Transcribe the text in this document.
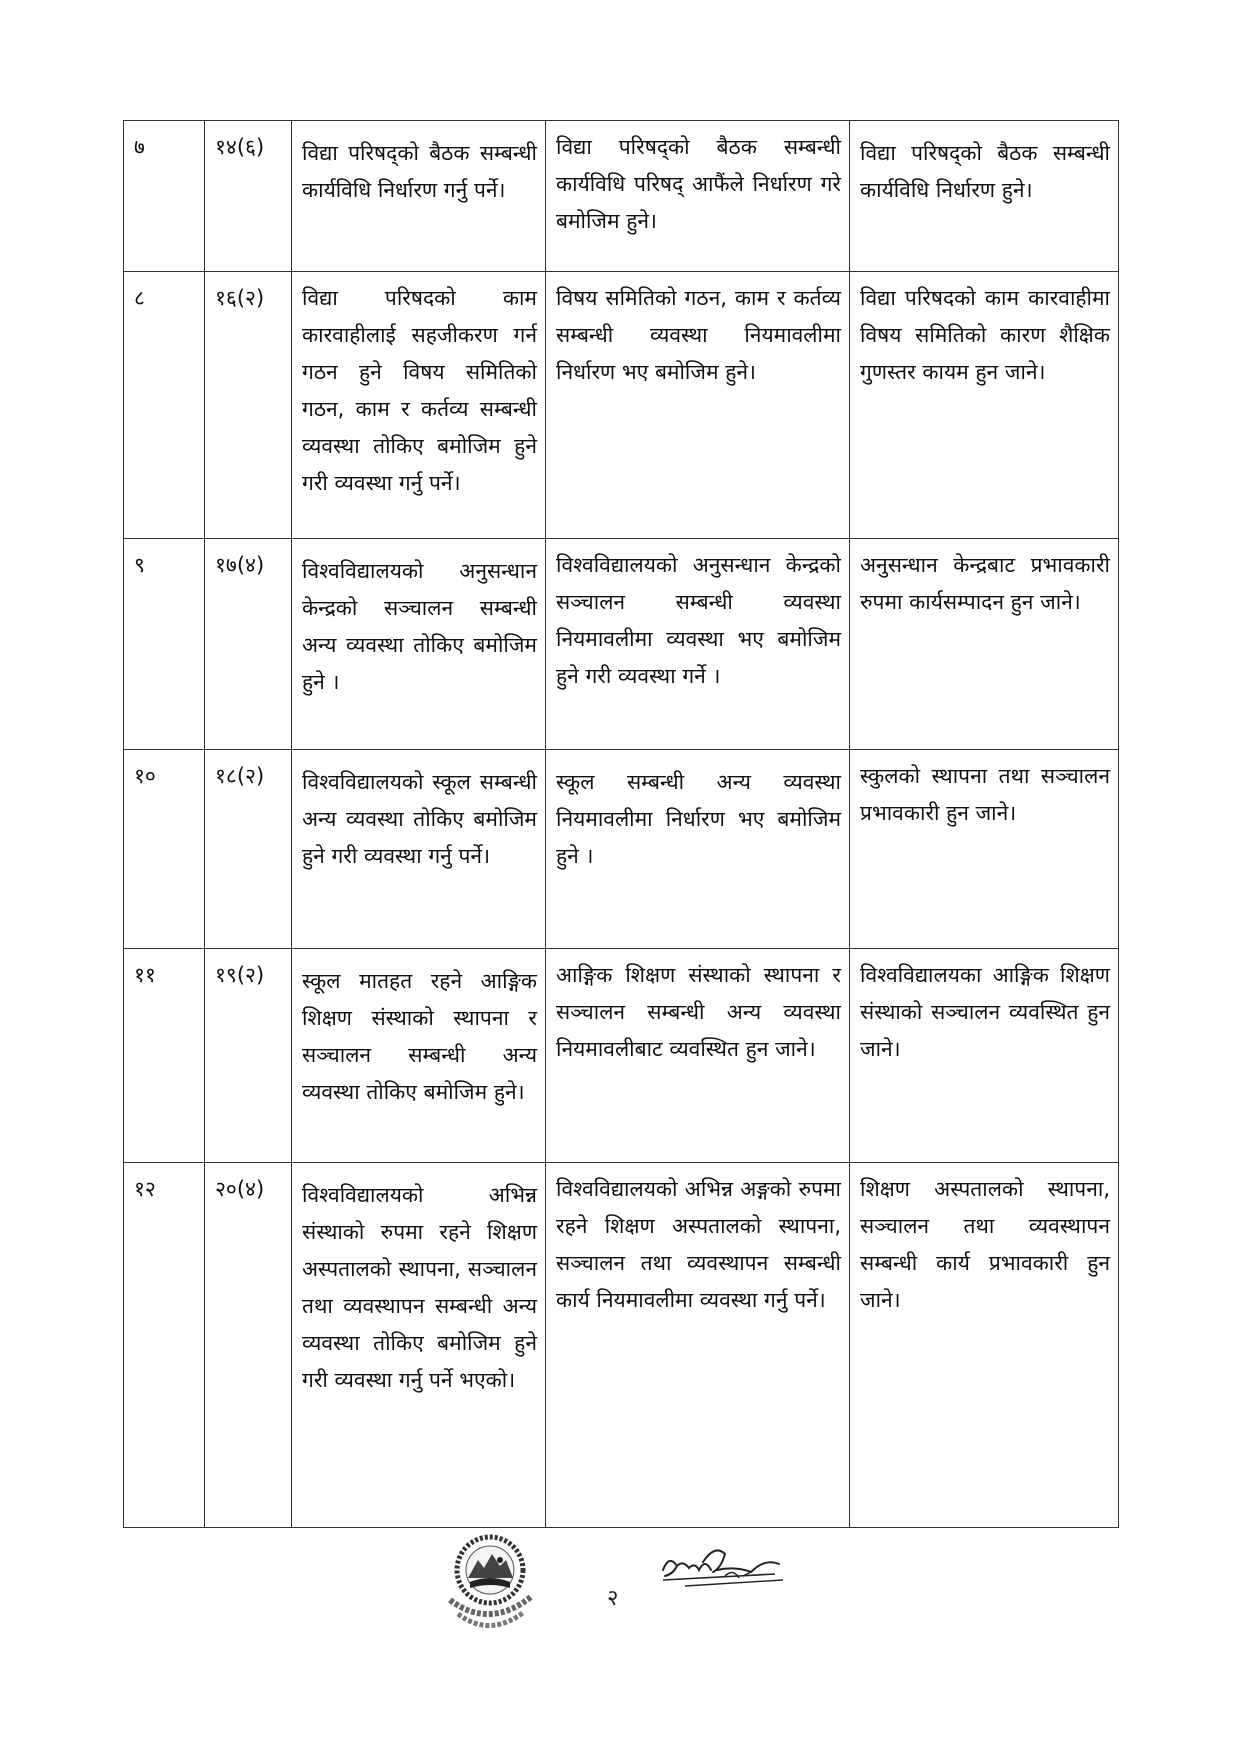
७	१४(६)	विद्या परिषद्को बैठक सम्बन्धी कार्यविधि निर्धारण गर्नु पर्ने।	विद्या परिषद्को बैठक सम्बन्धी कार्यविधि परिषद् आफैंले निर्धारण गरे बमोजिम हुने।	विद्या परिषद्को बैठक सम्बन्धी कार्यविधि निर्धारण हुने।

८	१६(२)	विद्या परिषदको काम कारवाहीलाई सहजीकरण गर्न गठन हुने विषय समितिको गठन, काम र कर्तव्य सम्बन्धी व्यवस्था तोकिए बमोजिम हुने गरी व्यवस्था गर्नु पर्ने।	विषय समितिको गठन, काम र कर्तव्य सम्बन्धी व्यवस्था नियमावलीमा निर्धारण भए बमोजिम हुने।	विद्या परिषदको काम कारवाहीमा विषय समितिको कारण शैक्षिक गुणस्तर कायम हुन जाने।
९	१७(४)	विश्वविद्यालयको अनुसन्धान केन्द्रको सञ्चालन सम्बन्धी अन्य व्यवस्था तोकिए बमोजिम हुने ।	विश्वविद्यालयको अनुसन्धान केन्द्रको सञ्चालन सम्बन्धी व्यवस्था नियमावलीमा व्यवस्था भए बमोजिम हुने गरी व्यवस्था गर्ने ।	अनुसन्धान केन्द्रबाट प्रभावकारी रुपमा कार्यसम्पादन हुन जाने।
१०	१८(२)	विश्वविद्यालयको स्कूल सम्बन्धी अन्य व्यवस्था तोकिए बमोजिम हुने गरी व्यवस्था गर्नु पर्ने।	स्कूल सम्बन्धी अन्य व्यवस्था नियमावलीमा निर्धारण भए बमोजिम हुने ।	स्कुलको स्थापना तथा सञ्चालन प्रभावकारी हुन जाने।
११	१९(२)	स्कूल मातहत रहने आङ्गिक शिक्षण संस्थाको स्थापना र सञ्चालन सम्बन्धी अन्य व्यवस्था तोकिए बमोजिम हुने।	आङ्गिक शिक्षण संस्थाको स्थापना र सञ्चालन सम्बन्धी अन्य व्यवस्था नियमावलीबाट व्यवस्थित हुन जाने।	विश्वविद्यालयका आङ्गिक शिक्षण संस्थाको सञ्चालन व्यवस्थित हुन जाने।
१२	२०(४)	विश्वविद्यालयको अभिन्न संस्थाको रुपमा रहने शिक्षण अस्पतालको स्थापना, सञ्चालन तथा व्यवस्थापन सम्बन्धी अन्य व्यवस्था तोकिए बमोजिम हुने गरी व्यवस्था गर्नु पर्ने भएको।	विश्वविद्यालयको अभिन्न अङ्गको रुपमा रहने शिक्षण अस्पतालको स्थापना, सञ्चालन तथा व्यवस्थापन सम्बन्धी कार्य नियमावलीमा व्यवस्था गर्नु पर्ने।	शिक्षण अस्पतालको स्थापना, सञ्चालन तथा व्यवस्थापन सम्बन्धी कार्य प्रभावकारी हुन जाने।
२
